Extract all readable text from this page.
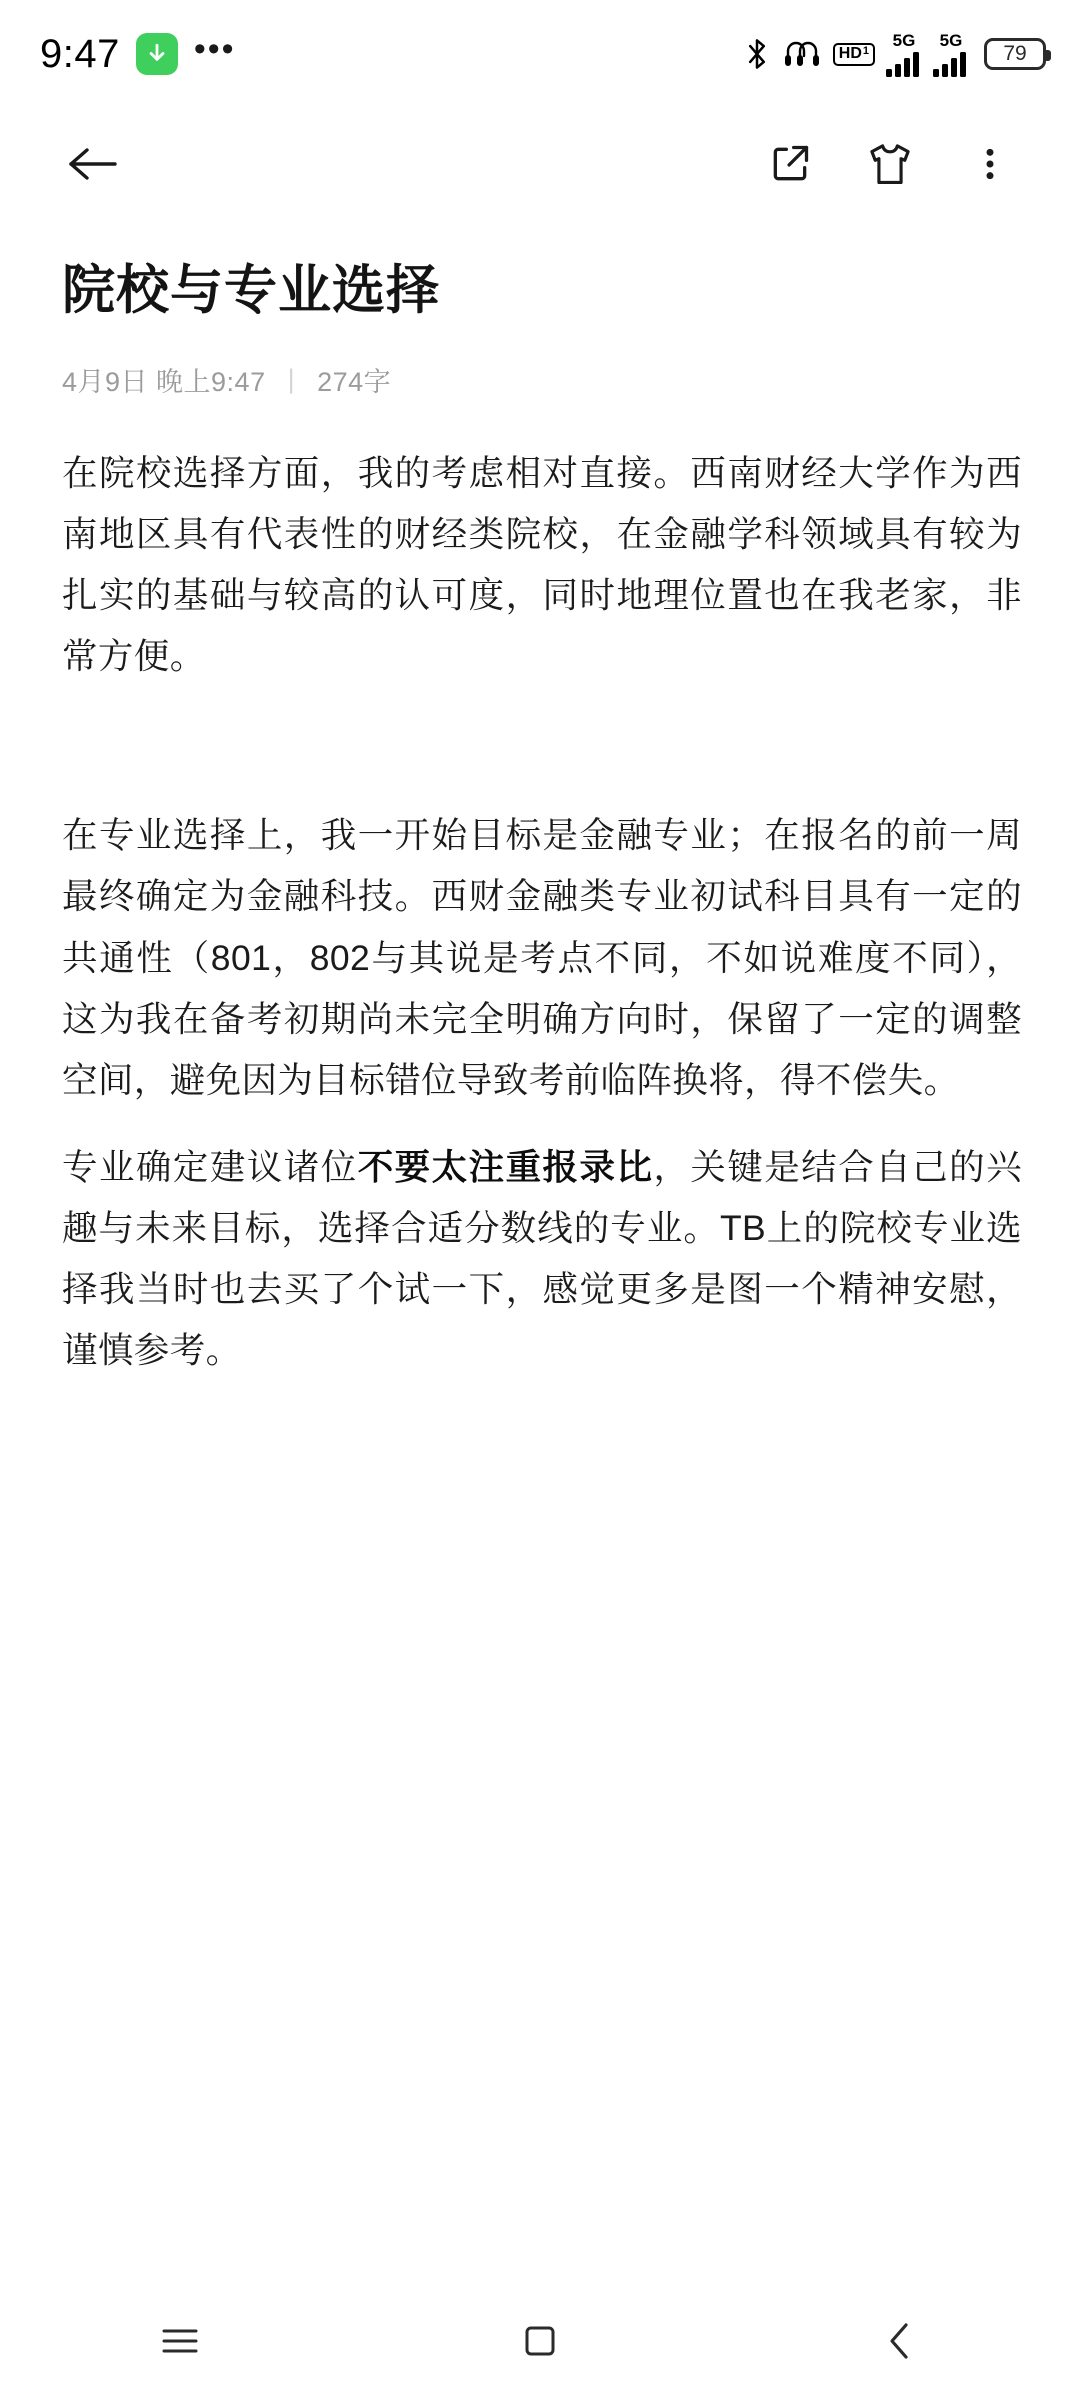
9:47 •••	HD 1
5G 5G
79
院校与专业选择
4月9日 晚上9:47 | 274字

在院校选择方面，我的考虑相对直接。西南财经大学作为西南地区具有代表性的财经类院校，在金融学科领域具有较为扎实的基础与较高的认可度，同时地理位置也在我老家，非常方便。

在专业选择上，我一开始目标是金融专业；在报名的前一周最终确定为金融科技。西财金融类专业初试科目具有一定的共通性（801，802与其说是考点不同，不如说难度不同），这为我在备考初期尚未完全明确方向时，保留了一定的调整空间，避免因为目标错位导致考前临阵换将，得不偿失。

专业确定建议诸位不要太注重报录比，关键是结合自己的兴趣与未来目标，选择合适分数线的专业。TB上的院校专业选择我当时也去买了个试一下，感觉更多是图一个精神安慰，谨慎参考。
